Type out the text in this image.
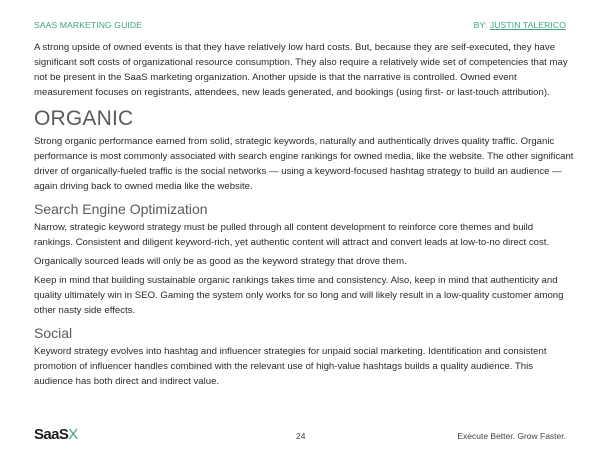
SAAS MARKETING GUIDE	BY: JUSTIN TALERICO

A strong upside of owned events is that they have relatively low hard costs. But, because they are self-executed, they have significant soft costs of organizational resource consumption. They also require a relatively wide set of competencies that may not be present in the SaaS marketing organization. Another upside is that the narrative is controlled. Owned event measurement focuses on registrants, attendees, new leads generated, and bookings (using first- or last-touch attribution).

ORGANIC

Strong organic performance earned from solid, strategic keywords, naturally and authentically drives quality traffic. Organic performance is most commonly associated with search engine rankings for owned media, like the website. The other significant driver of organically-fueled traffic is the social networks — using a keyword-focused hashtag strategy to build an audience — again driving back to owned media like the website.

Search Engine Optimization

Narrow, strategic keyword strategy must be pulled through all content development to reinforce core themes and build rankings. Consistent and diligent keyword-rich, yet authentic content will attract and convert leads at low-to-no direct cost.

Organically sourced leads will only be as good as the keyword strategy that drove them.

Keep in mind that building sustainable organic rankings takes time and consistency. Also, keep in mind that authenticity and quality ultimately win in SEO. Gaming the system only works for so long and will likely result in a low-quality customer among other nasty side effects.

Social

Keyword strategy evolves into hashtag and influencer strategies for unpaid social marketing. Identification and consistent promotion of influencer handles combined with the relevant use of high-value hashtags builds a quality audience. This audience has both direct and indirect value.

SaaSX	24	Execute Better. Grow Faster.
